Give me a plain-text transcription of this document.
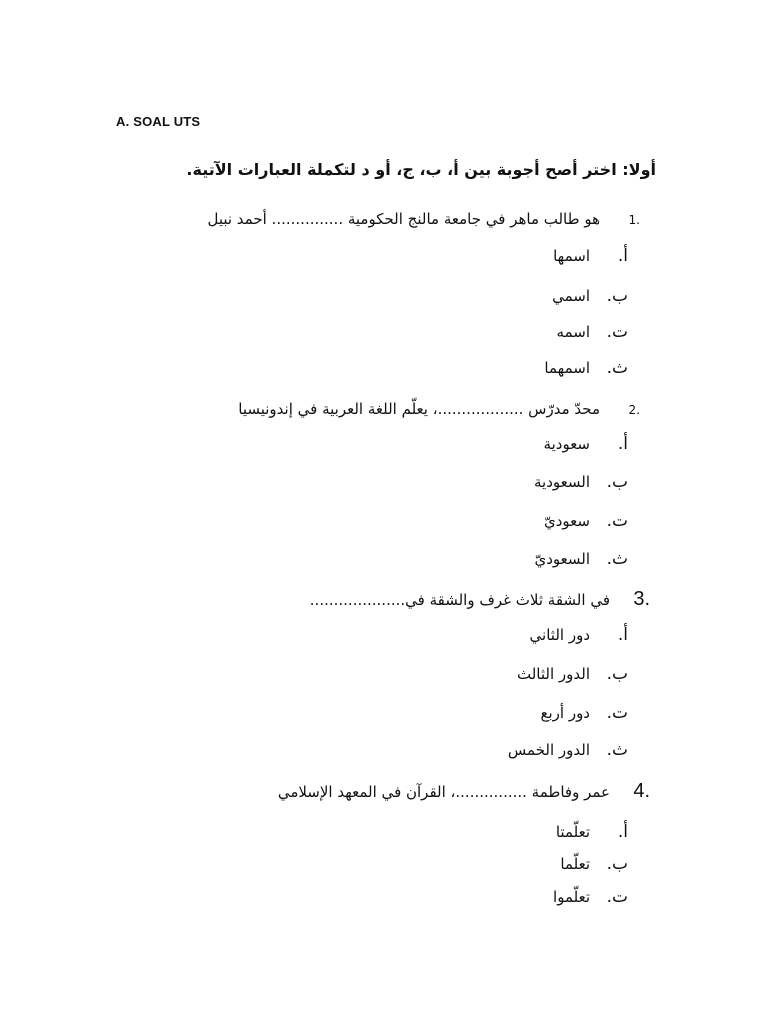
A. SOAL UTS
أولا: اختر أصح أجوبة بين أ، ب، ج، أو د لتكملة العبارات الآتية.
.1
هو طالب ماهر في جامعة مالنج الحكومية ............... أحمد نبيل
أ.
اسمها
ب.
اسمي
ت.
اسمه
ث.
اسمهما
.2
محدّ مدرّس ..................، يعلّم اللغة العربية في إندونيسيا
أ.
سعودية
ب.
السعودية
ت.
سعوديّ
ث.
السعوديّ
.3
في الشقة ثلاث غرف والشقة في....................
أ.
دور الثاني
ب.
الدور الثالث
ت.
دور أربع
ث.
الدور الخمس
.4
عمر وفاطمة ...............، القرآن في المعهد الإسلامي
أ.
تعلّمتا
ب.
تعلّما
ت.
تعلّموا
